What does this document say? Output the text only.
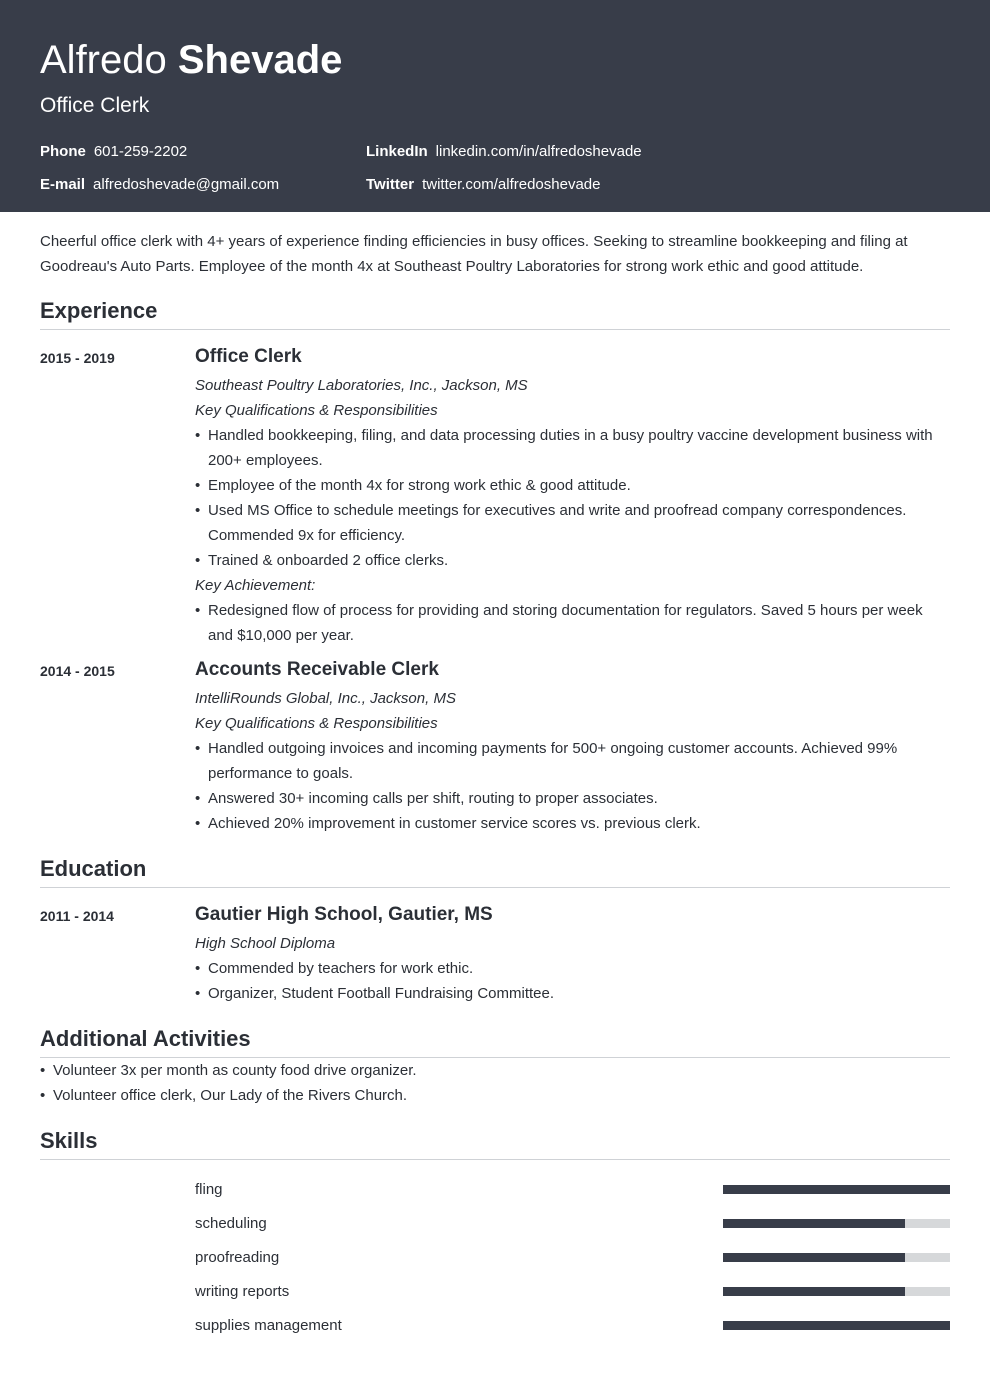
Alfredo Shevade
Office Clerk
Phone 601-259-2202
E-mail alfredoshevade@gmail.com
LinkedIn linkedin.com/in/alfredoshevade
Twitter twitter.com/alfredoshevade

Cheerful office clerk with 4+ years of experience finding efficiencies in busy offices. Seeking to streamline bookkeeping and filing at Goodreau's Auto Parts. Employee of the month 4x at Southeast Poultry Laboratories for strong work ethic and good attitude.

Experience
2015 - 2019	Office Clerk
Southeast Poultry Laboratories, Inc., Jackson, MS
Key Qualifications & Responsibilities
• Handled bookkeeping, filing, and data processing duties in a busy poultry vaccine development business with 200+ employees.
• Employee of the month 4x for strong work ethic & good attitude.
• Used MS Office to schedule meetings for executives and write and proofread company correspondences. Commended 9x for efficiency.
• Trained & onboarded 2 office clerks.
Key Achievement:
• Redesigned flow of process for providing and storing documentation for regulators. Saved 5 hours per week and $10,000 per year.
2014 - 2015	Accounts Receivable Clerk
IntelliRounds Global, Inc., Jackson, MS
Key Qualifications & Responsibilities
• Handled outgoing invoices and incoming payments for 500+ ongoing customer accounts. Achieved 99% performance to goals.
• Answered 30+ incoming calls per shift, routing to proper associates.
• Achieved 20% improvement in customer service scores vs. previous clerk.
Education
2011 - 2014	Gautier High School, Gautier, MS
High School Diploma
• Commended by teachers for work ethic.
• Organizer, Student Football Fundraising Committee.
Additional Activities
• Volunteer 3x per month as county food drive organizer.
• Volunteer office clerk, Our Lady of the Rivers Church.
Skills
fling
scheduling
proofreading
writing reports
supplies management
